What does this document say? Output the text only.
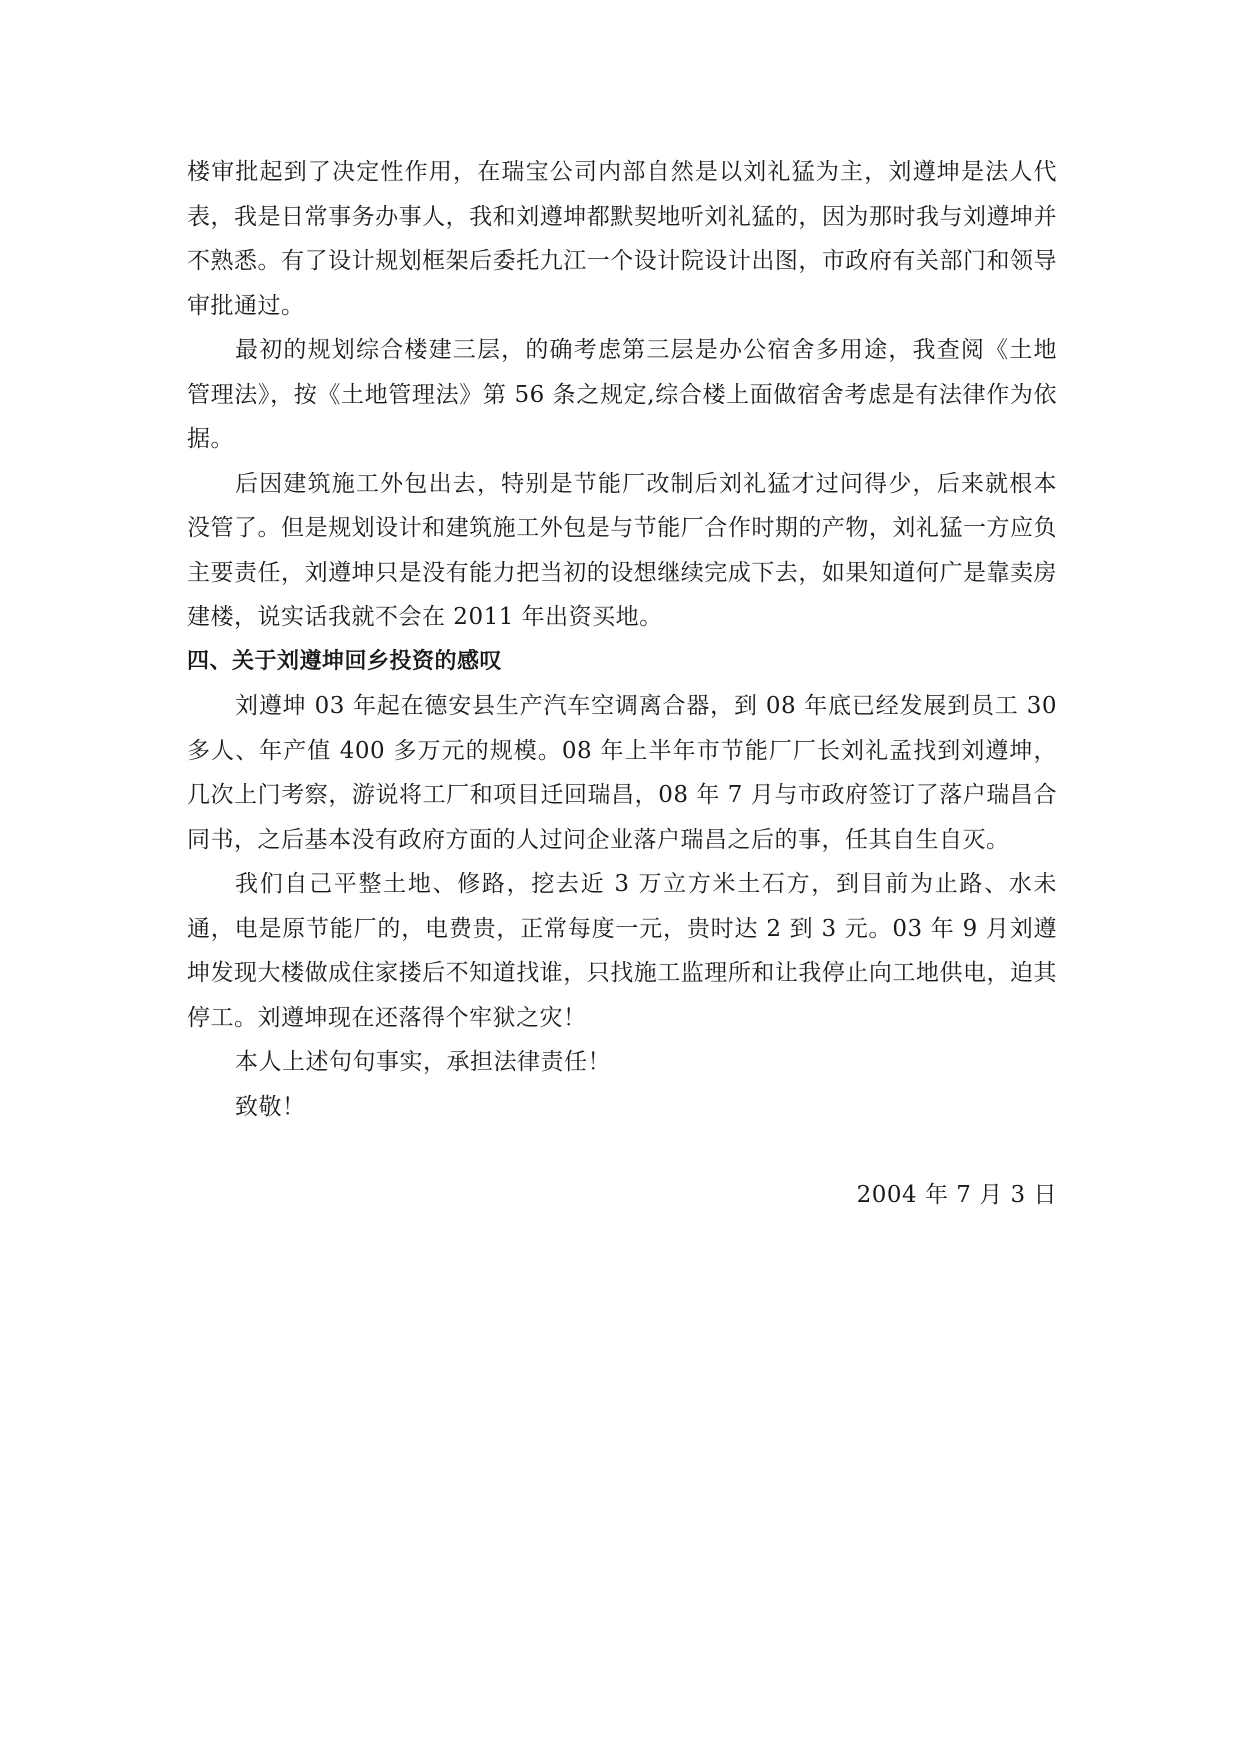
楼审批起到了决定性作用，在瑞宝公司内部自然是以刘礼猛为主，刘遵坤是法人代表，我是日常事务办事人，我和刘遵坤都默契地听刘礼猛的，因为那时我与刘遵坤并不熟悉。有了设计规划框架后委托九江一个设计院设计出图，市政府有关部门和领导审批通过。

最初的规划综合楼建三层，的确考虑第三层是办公宿舍多用途，我查阅《土地管理法》，按《土地管理法》第 56 条之规定,综合楼上面做宿舍考虑是有法律作为依据。

后因建筑施工外包出去，特别是节能厂改制后刘礼猛才过问得少，后来就根本没管了。但是规划设计和建筑施工外包是与节能厂合作时期的产物，刘礼猛一方应负主要责任，刘遵坤只是没有能力把当初的设想继续完成下去，如果知道何广是靠卖房建楼，说实话我就不会在 2011 年出资买地。

四、关于刘遵坤回乡投资的感叹

刘遵坤 03 年起在德安县生产汽车空调离合器，到 08 年底已经发展到员工 30 多人、年产值 400 多万元的规模。08 年上半年市节能厂厂长刘礼孟找到刘遵坤，几次上门考察，游说将工厂和项目迁回瑞昌，08 年 7 月与市政府签订了落户瑞昌合同书，之后基本没有政府方面的人过问企业落户瑞昌之后的事，任其自生自灭。

我们自己平整土地、修路，挖去近 3 万立方米土石方，到目前为止路、水未通，电是原节能厂的，电费贵，正常每度一元，贵时达 2 到 3 元。03 年 9 月刘遵坤发现大楼做成住家搂后不知道找谁，只找施工监理所和让我停止向工地供电，迫其停工。刘遵坤现在还落得个牢狱之灾！

本人上述句句事实，承担法律责任！

致敬！

2004 年 7 月 3 日
